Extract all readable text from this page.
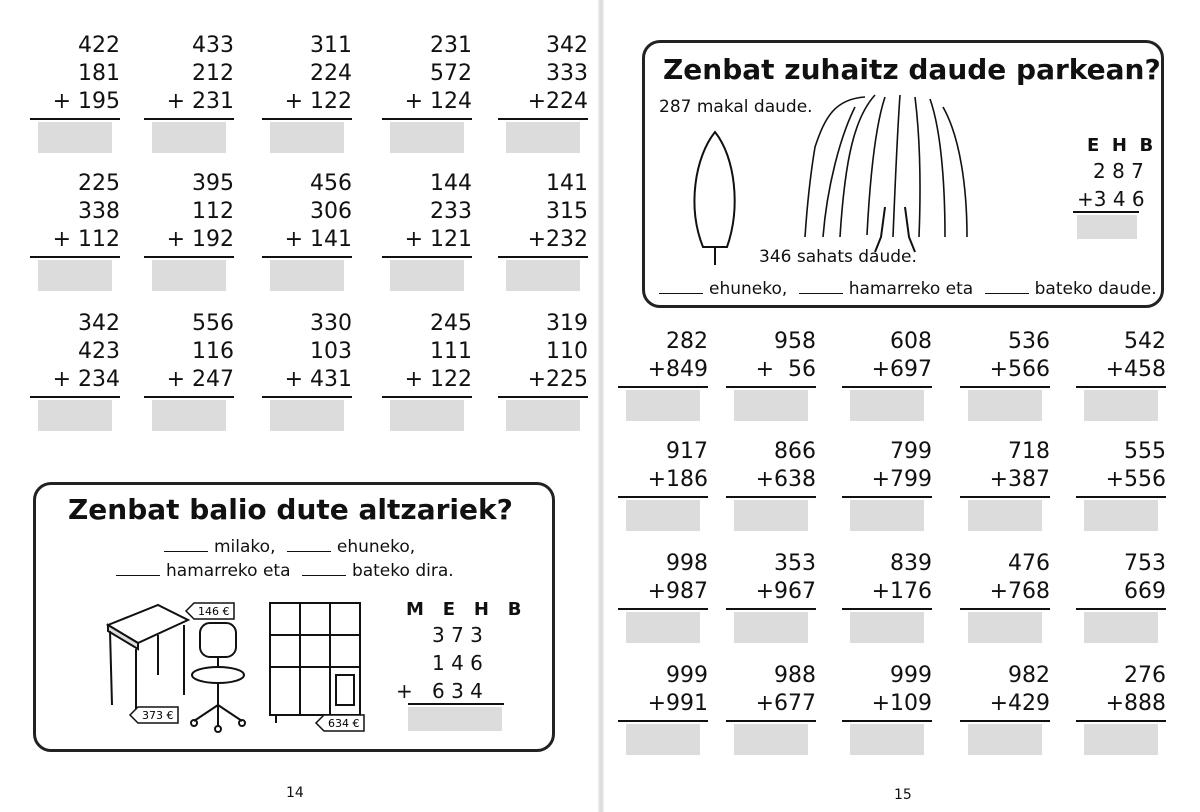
422
181
+ 195
433
212
+ 231
311
224
+ 122
231
572
+ 124
342
333
+224
225
338
+ 112
395
112
+ 192
456
306
+ 141
144
233
+ 121
141
315
+232
342
423
+ 234
556
116
+ 247
330
103
+ 431
245
111
+ 122
319
110
+225
Zenbat balio dute altzariek?
milako,	ehuneko,
hamarreko eta	bateko dira.
146 €
373 €
634 €
M E H B
3 7 3
1 4 6
+ 6 3 4
14
Zenbat zuhaitz daude parkean?
287 makal daude.
E H B
2 8 7
+3 4 6
346 sahats daude.
ehuneko,	hamarreko eta	bateko daude.
282
+849
958
+  56
608
+697
536
+566
542
+458
917
+186
866
+638
799
+799
718
+387
555
+556
998
+987
353
+967
839
+176
476
+768
753
669
999
+991
988
+677
999
+109
982
+429
276
+888
15
